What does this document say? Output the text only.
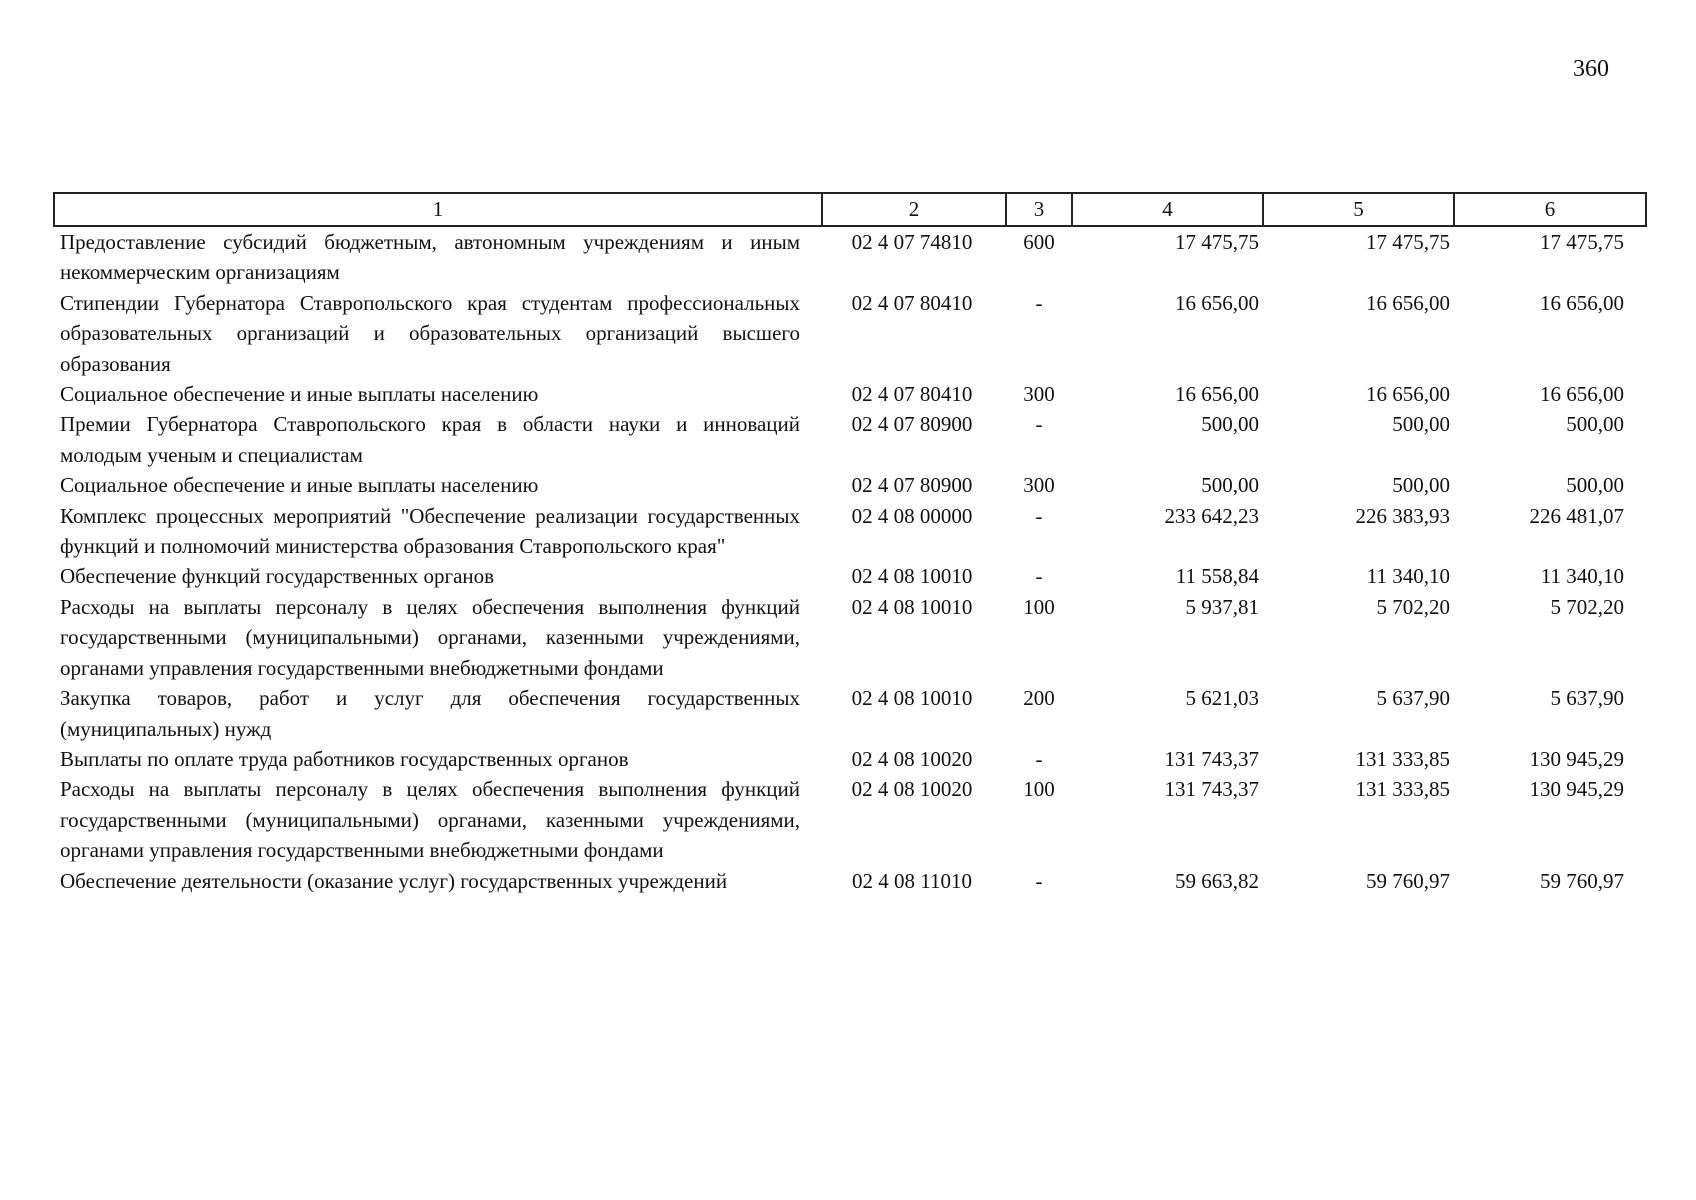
360
1	2	3	4	5	6
Предоставление субсидий бюджетным, автономным учреждениям и иным некоммерческим организациям	02 4 07 74810	600	17 475,75	17 475,75	17 475,75
Стипендии Губернатора Ставропольского края студентам профессиональных образовательных организаций и образовательных организаций высшего образования	02 4 07 80410	-	16 656,00	16 656,00	16 656,00
Социальное обеспечение и иные выплаты населению	02 4 07 80410	300	16 656,00	16 656,00	16 656,00
Премии Губернатора Ставропольского края в области науки и инноваций молодым ученым и специалистам	02 4 07 80900	-	500,00	500,00	500,00
Социальное обеспечение и иные выплаты населению	02 4 07 80900	300	500,00	500,00	500,00
Комплекс процессных мероприятий "Обеспечение реализации государственных функций и полномочий министерства образования Ставропольского края"	02 4 08 00000	-	233 642,23	226 383,93	226 481,07
Обеспечение функций государственных органов	02 4 08 10010	-	11 558,84	11 340,10	11 340,10
Расходы на выплаты персоналу в целях обеспечения выполнения функций государственными (муниципальными) органами, казенными учреждениями, органами управления государственными внебюджетными фондами	02 4 08 10010	100	5 937,81	5 702,20	5 702,20
Закупка товаров, работ и услуг для обеспечения государственных (муниципальных) нужд	02 4 08 10010	200	5 621,03	5 637,90	5 637,90
Выплаты по оплате труда работников государственных органов	02 4 08 10020	-	131 743,37	131 333,85	130 945,29
Расходы на выплаты персоналу в целях обеспечения выполнения функций государственными (муниципальными) органами, казенными учреждениями, органами управления государственными внебюджетными фондами	02 4 08 10020	100	131 743,37	131 333,85	130 945,29
Обеспечение деятельности (оказание услуг) государственных учреждений	02 4 08 11010	-	59 663,82	59 760,97	59 760,97
